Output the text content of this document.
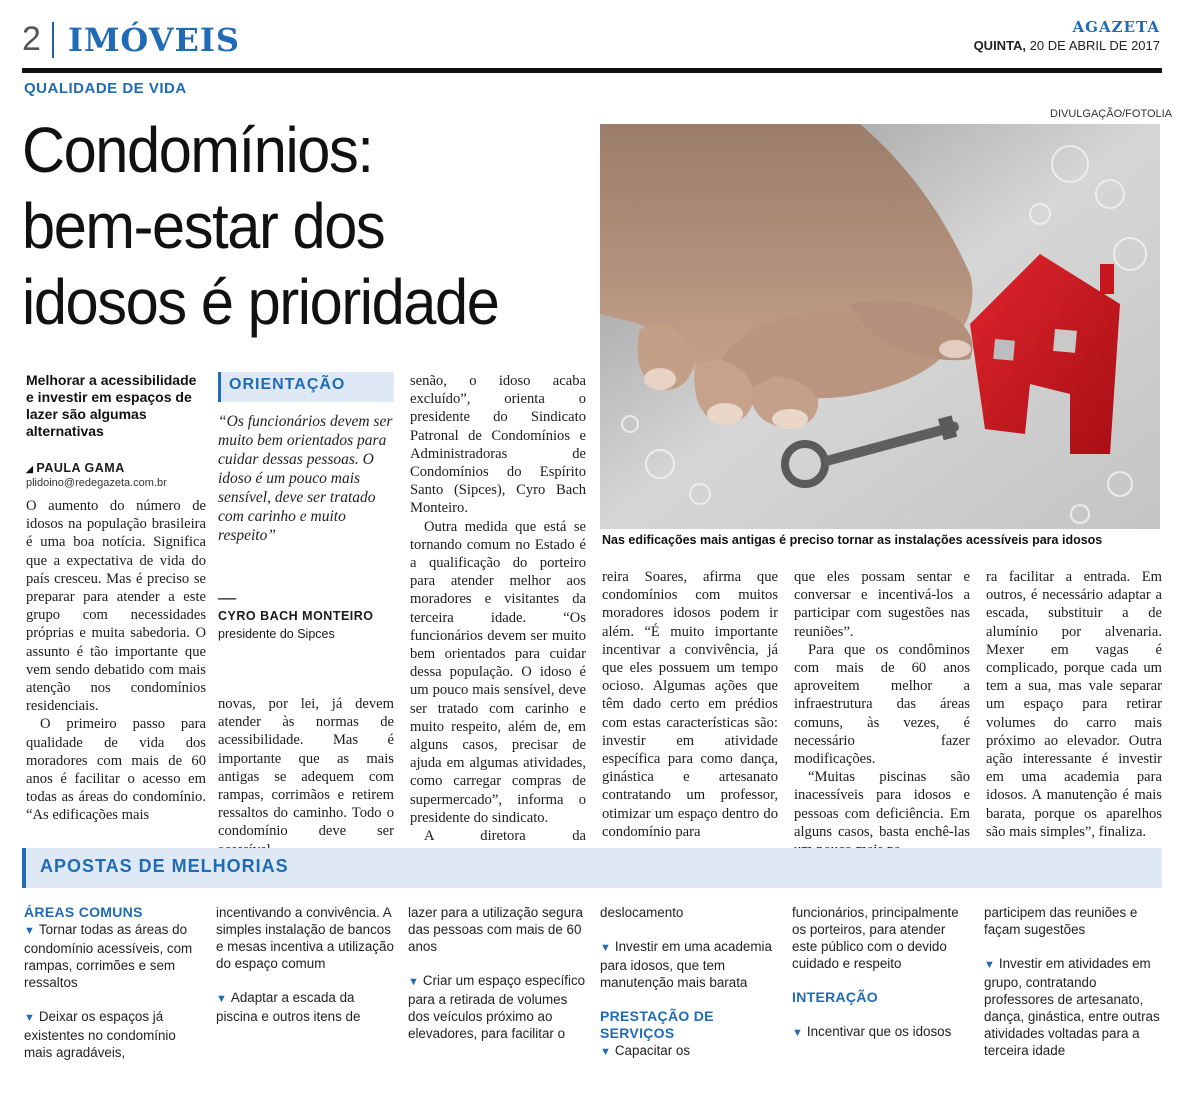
2 IMÓVEIS	AGAZETA
QUINTA, 20 DE ABRIL DE 2017
QUALIDADE DE VIDA
Condomínios:
bem-estar dos
idosos é prioridade
DIVULGAÇÃO/FOTOLIA
Nas edificações mais antigas é preciso tornar as instalações acessíveis para idosos
Melhorar a acessibilidade e investir em espaços de lazer são algumas alternativas
◢ PAULA GAMA
plidoino@redegazeta.com.br

O aumento do número de idosos na população brasileira é uma boa notícia. Significa que a expectativa de vida do país cresceu. Mas é preciso se preparar para atender a este grupo com necessidades próprias e muita sabedoria. O assunto é tão importante que vem sendo debatido com mais atenção nos condomínios residenciais.

O primeiro passo para qualidade de vida dos moradores com mais de 60 anos é facilitar o acesso em todas as áreas do condomínio. “As edificações mais

ORIENTAÇÃO
“Os funcionários devem ser muito bem orientados para cuidar dessas pessoas. O idoso é um pouco mais sensível, deve ser tratado com carinho e muito respeito”
—
CYRO BACH MONTEIRO
presidente do Sipces

novas, por lei, já devem atender às normas de acessibilidade. Mas é importante que as mais antigas se adequem com rampas, corrimãos e retirem ressaltos do caminho. Todo o condomínio deve ser

senão, o idoso acaba excluído”, orienta o presidente do Sindicato Patronal de Condomínios e Administradoras de Condomínios do Espírito Santo (Sipces), Cyro Bach Monteiro.

Outra medida que está se tornando comum no Estado é a qualificação do porteiro para atender melhor aos moradores e visitantes da terceira idade. “Os funcionários devem ser muito bem orientados para cuidar dessa população. O idoso é um pouco mais sensível, deve ser tratado com carinho e muito respeito, além de, em alguns casos, precisar de ajuda em algumas atividades, como carregar compras de supermercado”, informa o presidente do sindicato.

A diretora da

reira Soares, afirma que condomínios com muitos moradores idosos podem ir além. “É muito importante incentivar a convivência, já que eles possuem um tempo ocioso. Algumas ações que têm dado certo em prédios com estas características são: investir em atividade específica para como dança, ginástica e artesanato contratando um professor, otimizar um espaço dentro do condomínio para

que eles possam sentar e conversar e incentivá-los a participar com sugestões nas reuniões”.

Para que os condôminos com mais de 60 anos aproveitem melhor a infraestrutura das áreas comuns, às vezes, é necessário fazer modificações.

“Muitas piscinas são inacessíveis para idosos e pessoas com deficiência. Em alguns casos, basta enchê-las

ra facilitar a entrada. Em outros, é necessário adaptar a escada, substituir a de alumínio por alvenaria. Mexer em vagas é complicado, porque cada um tem a sua, mas vale separar um espaço para retirar volumes do carro mais próximo ao elevador. Outra ação interessante é investir em uma academia para idosos. A manutenção é mais barata, porque os aparelhos são mais simples”, finaliza.

APOSTAS DE MELHORIAS
ÁREAS COMUNS
▼ Tornar todas as áreas do condomínio acessíveis, com rampas, corrimões e sem ressaltos
▼ Deixar os espaços já existentes no condomínio mais agradáveis,
incentivando a convivência. A simples instalação de bancos e mesas incentiva a utilização do espaço comum
▼ Adaptar a escada da piscina e outros itens de
lazer para a utilização segura das pessoas com mais de 60 anos
▼ Criar um espaço específico para a retirada de volumes dos veículos próximo ao elevadores, para facilitar o
deslocamento
▼ Investir em uma academia para idosos, que tem manutenção mais barata
PRESTAÇÃO DE SERVIÇOS
▼ Capacitar os
funcionários, principalmente os porteiros, para atender este público com o devido cuidado e respeito
INTERAÇÃO
▼ Incentivar que os idosos
participem das reuniões e façam sugestões
▼ Investir em atividades em grupo, contratando professores de artesanato, dança, ginástica, entre outras atividades voltadas para a terceira idade
